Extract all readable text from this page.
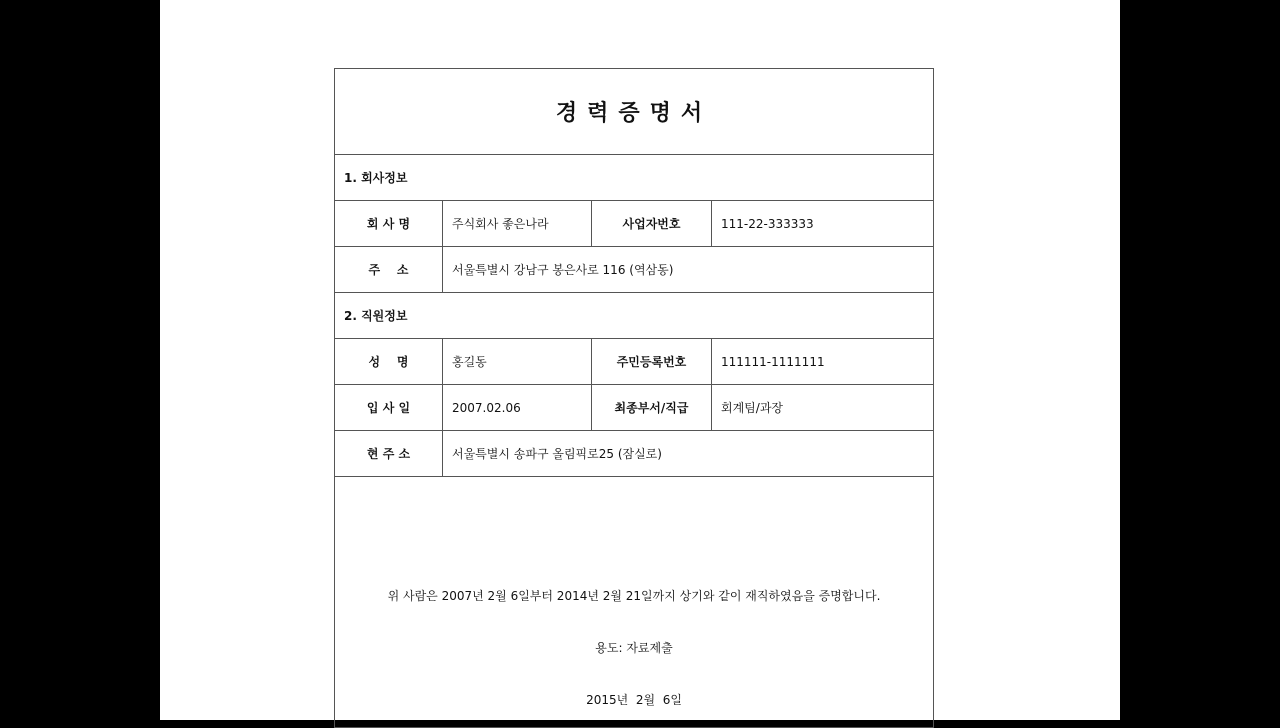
경력증명서
1. 회사정보
회 사 명	주식회사 좋은나라	사업자번호	111-22-333333
주    소	서울특별시 강남구 봉은사로 116 (역삼동)
2. 직원정보
성    명	홍길동	주민등록번호	111111-1111111
입 사 일	2007.02.06	최종부서/직급	회계팀/과장
현 주 소	서울특별시 송파구 올림픽로25 (잠실로)
위 사람은 2007년 2월 6일부터 2014년 2월 21일까지 상기와 같이 재직하였음을 증명합니다.
용도: 자료제출
2015년  2월  6일
